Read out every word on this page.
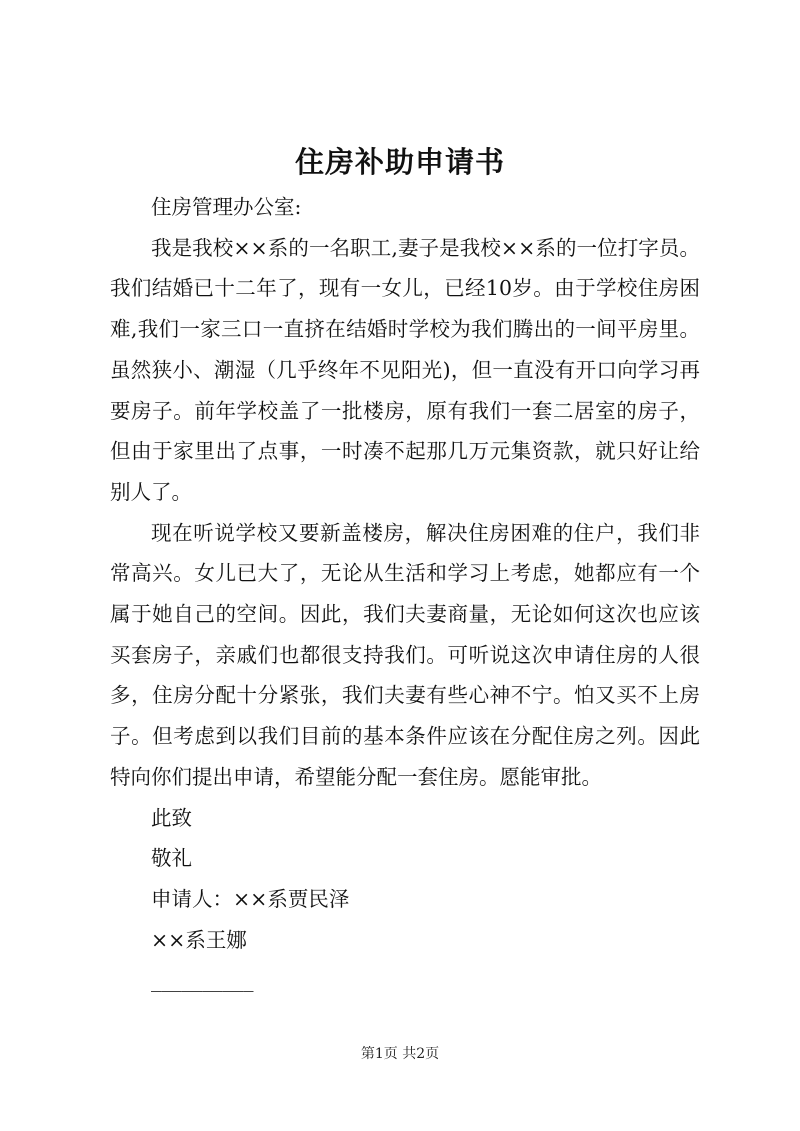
住房补助申请书

住房管理办公室:

我是我校××系的一名职工,妻子是我校××系的一位打字员。我们结婚已十二年了，现有一女儿，已经10岁。由于学校住房困难,我们一家三口一直挤在结婚时学校为我们腾出的一间平房里。虽然狭小、潮湿（几乎终年不见阳光)，但一直没有开口向学习再要房子。前年学校盖了一批楼房，原有我们一套二居室的房子，但由于家里出了点事，一时凑不起那几万元集资款，就只好让给别人了。

现在听说学校又要新盖楼房，解决住房困难的住户，我们非常高兴。女儿已大了，无论从生活和学习上考虑，她都应有一个属于她自己的空间。因此，我们夫妻商量，无论如何这次也应该买套房子，亲戚们也都很支持我们。可听说这次申请住房的人很多，住房分配十分紧张，我们夫妻有些心神不宁。怕又买不上房子。但考虑到以我们目前的基本条件应该在分配住房之列。因此特向你们提出申请，希望能分配一套住房。愿能审批。

此致

敬礼

申请人：××系贾民泽

××系王娜

__________

第1页 共2页
